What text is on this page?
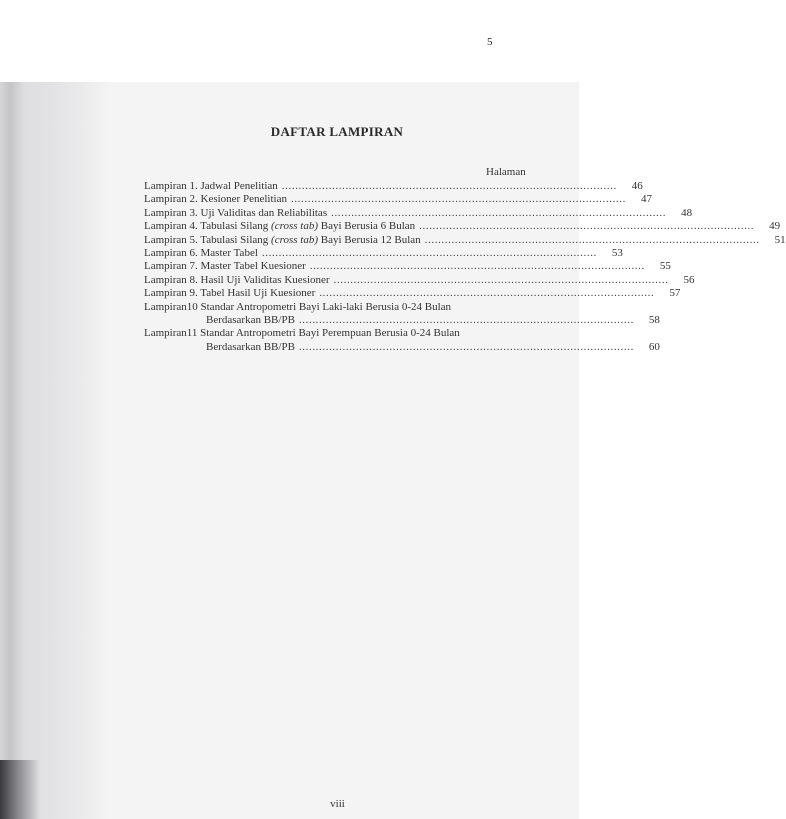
5
DAFTAR LAMPIRAN
Halaman
Lampiran 1. Jadwal Penelitian ....................................................................................................	46
Lampiran 2. Kesioner Penelitian ....................................................................................................	47
Lampiran 3. Uji Validitas dan Reliabilitas ....................................................................................................	48
Lampiran 4. Tabulasi Silang (cross tab) Bayi Berusia 6 Bulan ....................................................................................................	49
Lampiran 5. Tabulasi Silang (cross tab) Bayi Berusia 12 Bulan ....................................................................................................	51
Lampiran 6. Master Tabel ....................................................................................................	53
Lampiran 7. Master Tabel Kuesioner ....................................................................................................	55
Lampiran 8. Hasil Uji Validitas Kuesioner ....................................................................................................	56
Lampiran 9. Tabel Hasil Uji Kuesioner ....................................................................................................	57
Lampiran10 Standar Antropometri Bayi Laki-laki Berusia 0-24 Bulan
Berdasarkan BB/PB ....................................................................................................	58
Lampiran11 Standar Antropometri Bayi Perempuan Berusia 0-24 Bulan
Berdasarkan BB/PB ....................................................................................................	60
viii
